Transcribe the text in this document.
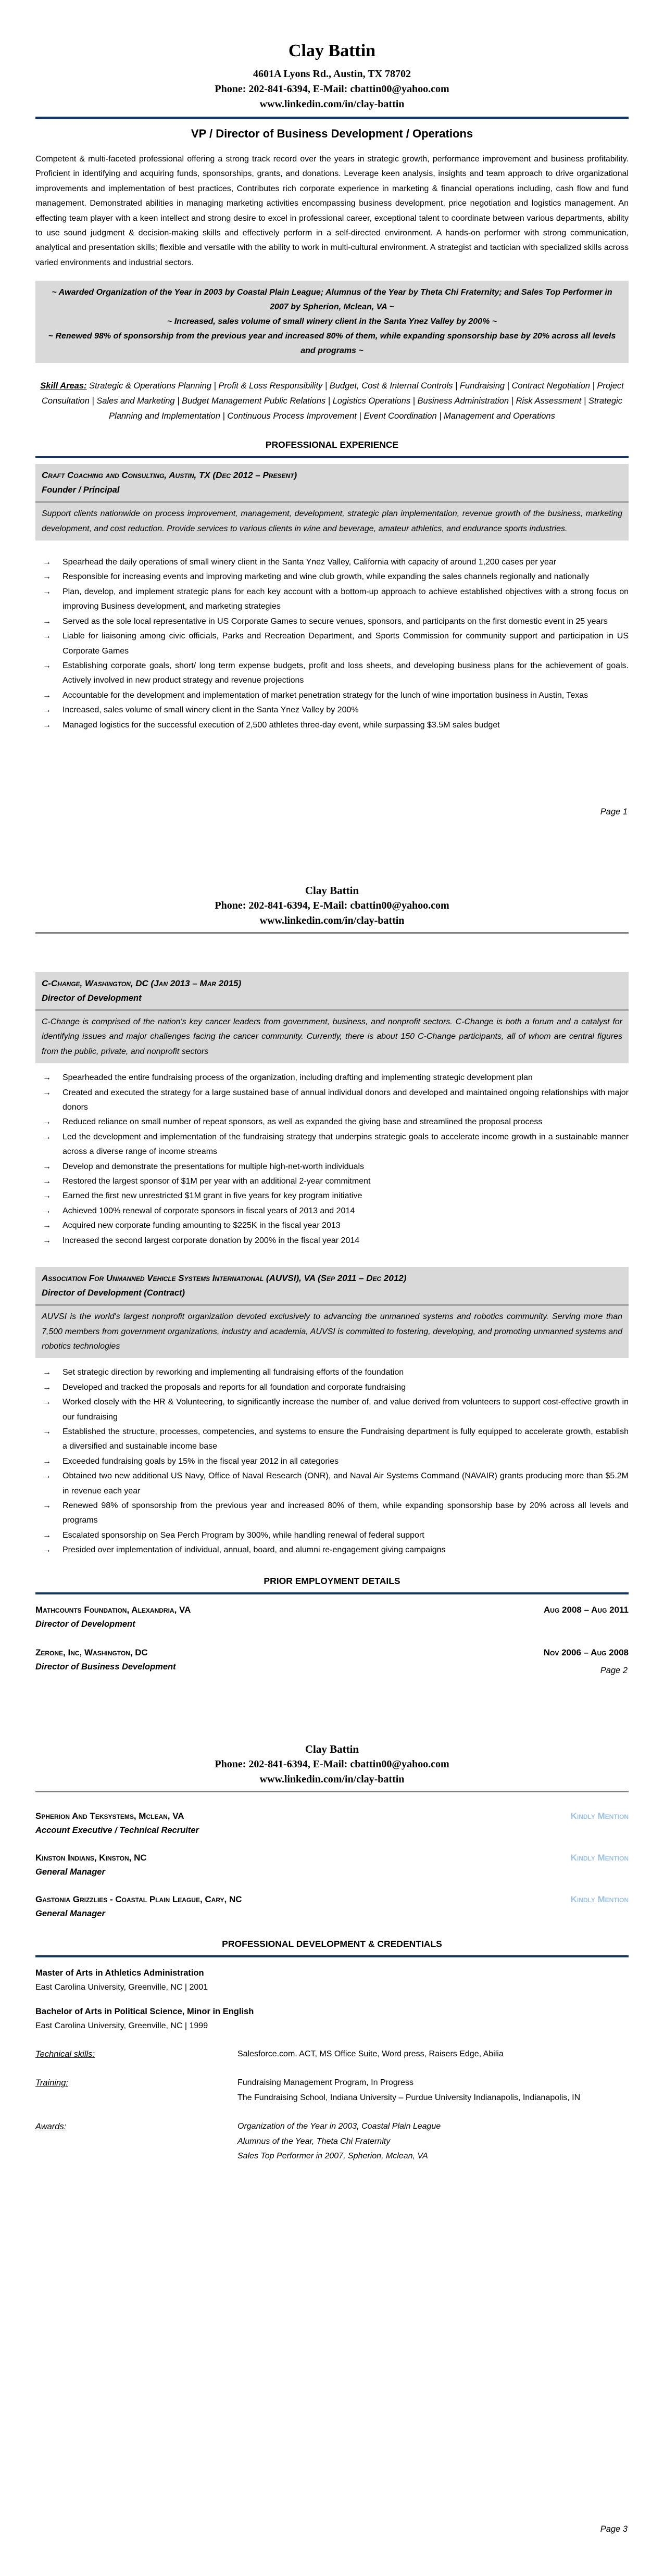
Clay Battin
4601A Lyons Rd., Austin, TX 78702
Phone: 202-841-6394, E-Mail: cbattin00@yahoo.com
www.linkedin.com/in/clay-battin
VP / Director of Business Development / Operations

Competent & multi-faceted professional offering a strong track record over the years in strategic growth, performance improvement and business profitability. Proficient in identifying and acquiring funds, sponsorships, grants, and donations. Leverage keen analysis, insights and team approach to drive organizational improvements and implementation of best practices, Contributes rich corporate experience in marketing & financial operations including, cash flow and fund management. Demonstrated abilities in managing marketing activities encompassing business development, price negotiation and logistics management. An effecting team player with a keen intellect and strong desire to excel in professional career, exceptional talent to coordinate between various departments, ability to use sound judgment & decision-making skills and effectively perform in a self-directed environment. A hands-on performer with strong communication, analytical and presentation skills; flexible and versatile with the ability to work in multi-cultural environment. A strategist and tactician with specialized skills across varied environments and industrial sectors.

~ Awarded Organization of the Year in 2003 by Coastal Plain League; Alumnus of the Year by Theta Chi Fraternity; and Sales Top Performer in 2007 by Spherion, Mclean, VA ~
~ Increased, sales volume of small winery client in the Santa Ynez Valley by 200% ~
~ Renewed 98% of sponsorship from the previous year and increased 80% of them, while expanding sponsorship base by 20% across all levels and programs ~

Skill Areas: Strategic & Operations Planning | Profit & Loss Responsibility | Budget, Cost & Internal Controls | Fundraising | Contract Negotiation | Project Consultation | Sales and Marketing | Budget Management Public Relations | Logistics Operations | Business Administration | Risk Assessment | Strategic Planning and Implementation | Continuous Process Improvement | Event Coordination | Management and Operations

PROFESSIONAL EXPERIENCE
Craft Coaching and Consulting, Austin, TX (Dec 2012 – Present)
Founder / Principal
Support clients nationwide on process improvement, management, development, strategic plan implementation, revenue growth of the business, marketing development, and cost reduction. Provide services to various clients in wine and beverage, amateur athletics, and endurance sports industries.
→ Spearhead the daily operations of small winery client in the Santa Ynez Valley, California with capacity of around 1,200 cases per year
→ Responsible for increasing events and improving marketing and wine club growth, while expanding the sales channels regionally and nationally
→ Plan, develop, and implement strategic plans for each key account with a bottom-up approach to achieve established objectives with a strong focus on improving Business development, and marketing strategies
→ Served as the sole local representative in US Corporate Games to secure venues, sponsors, and participants on the first domestic event in 25 years
→ Liable for liaisoning among civic officials, Parks and Recreation Department, and Sports Commission for community support and participation in US Corporate Games
→ Establishing corporate goals, short/ long term expense budgets, profit and loss sheets, and developing business plans for the achievement of goals. Actively involved in new product strategy and revenue projections
→ Accountable for the development and implementation of market penetration strategy for the lunch of wine importation business in Austin, Texas
→ Increased, sales volume of small winery client in the Santa Ynez Valley by 200%
→ Managed logistics for the successful execution of 2,500 athletes three-day event, while surpassing $3.5M sales budget
Page 1
Clay Battin
Phone: 202-841-6394, E-Mail: cbattin00@yahoo.com
www.linkedin.com/in/clay-battin
C-Change, Washington, DC (Jan 2013 – Mar 2015)
Director of Development
C-Change is comprised of the nation's key cancer leaders from government, business, and nonprofit sectors. C-Change is both a forum and a catalyst for identifying issues and major challenges facing the cancer community. Currently, there is about 150 C-Change participants, all of whom are central figures from the public, private, and nonprofit sectors
→ Spearheaded the entire fundraising process of the organization, including drafting and implementing strategic development plan
→ Created and executed the strategy for a large sustained base of annual individual donors and developed and maintained ongoing relationships with major donors
→ Reduced reliance on small number of repeat sponsors, as well as expanded the giving base and streamlined the proposal process
→ Led the development and implementation of the fundraising strategy that underpins strategic goals to accelerate income growth in a sustainable manner across a diverse range of income streams
→ Develop and demonstrate the presentations for multiple high-net-worth individuals
→ Restored the largest sponsor of $1M per year with an additional 2-year commitment
→ Earned the first new unrestricted $1M grant in five years for key program initiative
→ Achieved 100% renewal of corporate sponsors in fiscal years of 2013 and 2014
→ Acquired new corporate funding amounting to $225K in the fiscal year 2013
→ Increased the second largest corporate donation by 200% in the fiscal year 2014
Association For Unmanned Vehicle Systems International (AUVSI), VA (Sep 2011 – Dec 2012)
Director of Development (Contract)
AUVSI is the world's largest nonprofit organization devoted exclusively to advancing the unmanned systems and robotics community. Serving more than 7,500 members from government organizations, industry and academia, AUVSI is committed to fostering, developing, and promoting unmanned systems and robotics technologies
→ Set strategic direction by reworking and implementing all fundraising efforts of the foundation
→ Developed and tracked the proposals and reports for all foundation and corporate fundraising
→ Worked closely with the HR & Volunteering, to significantly increase the number of, and value derived from volunteers to support cost-effective growth in our fundraising
→ Established the structure, processes, competencies, and systems to ensure the Fundraising department is fully equipped to accelerate growth, establish a diversified and sustainable income base
→ Exceeded fundraising goals by 15% in the fiscal year 2012 in all categories
→ Obtained two new additional US Navy, Office of Naval Research (ONR), and Naval Air Systems Command (NAVAIR) grants producing more than $5.2M in revenue each year
→ Renewed 98% of sponsorship from the previous year and increased 80% of them, while expanding sponsorship base by 20% across all levels and programs
→ Escalated sponsorship on Sea Perch Program by 300%, while handling renewal of federal support
→ Presided over implementation of individual, annual, board, and alumni re-engagement giving campaigns
PRIOR EMPLOYMENT DETAILS
Mathcounts Foundation, Alexandria, VA	Aug 2008 – Aug 2011
Director of Development
Zerone, Inc, Washington, DC	Nov 2006 – Aug 2008
Director of Business Development	Page 2
Clay Battin
Phone: 202-841-6394, E-Mail: cbattin00@yahoo.com
www.linkedin.com/in/clay-battin
Spherion And Teksystems, Mclean, VA	Kindly Mention
Account Executive / Technical Recruiter
Kinston Indians, Kinston, NC	Kindly Mention
General Manager
Gastonia Grizzlies - Coastal Plain League, Cary, NC	Kindly Mention
General Manager
PROFESSIONAL DEVELOPMENT & CREDENTIALS
Master of Arts in Athletics Administration
East Carolina University, Greenville, NC | 2001
Bachelor of Arts in Political Science, Minor in English
East Carolina University, Greenville, NC | 1999
Technical skills:	Salesforce.com. ACT, MS Office Suite, Word press, Raisers Edge, Abilia
Training:	Fundraising Management Program, In Progress
The Fundraising School, Indiana University – Purdue University Indianapolis, Indianapolis, IN
Awards:	Organization of the Year in 2003, Coastal Plain League
Alumnus of the Year, Theta Chi Fraternity
Sales Top Performer in 2007, Spherion, Mclean, VA
Page 3
